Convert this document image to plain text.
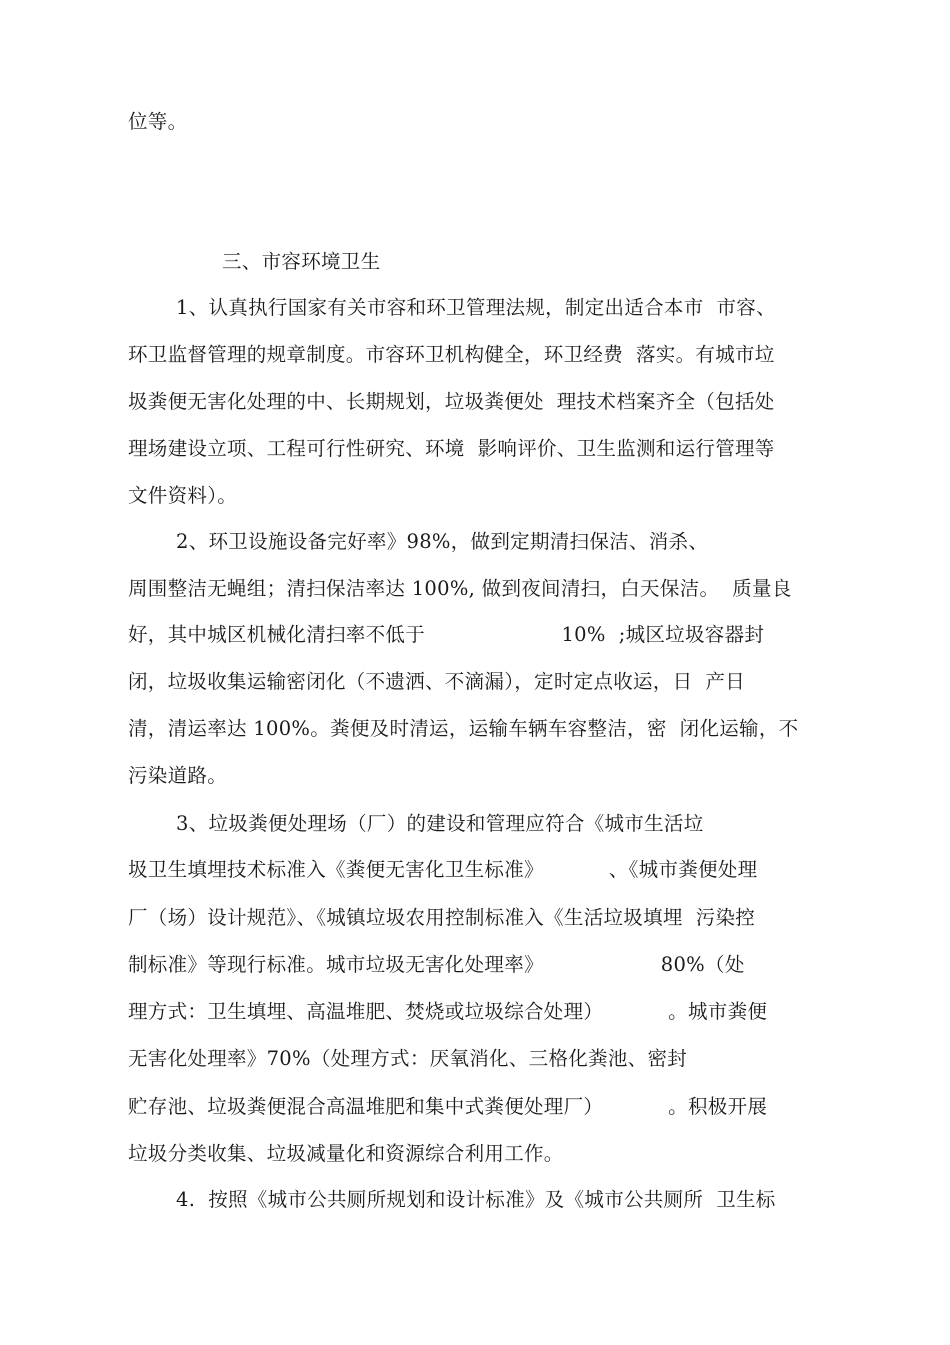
位等。
三、市容环境卫生
1、认真执行国家有关市容和环卫管理法规，制定出适合本市  市容、
环卫监督管理的规章制度。市容环卫机构健全，环卫经费  落实。有城市垃
圾粪便无害化处理的中、长期规划，垃圾粪便处  理技术档案齐全（包括处
理场建设立项、工程可行性研究、环境  影响评价、卫生监测和运行管理等
文件资料）。
2、环卫设施设备完好率》98%，做到定期清扫保洁、消杀、
周围整洁无蝇组；清扫保洁率达 100%, 做到夜间清扫，白天保洁。  质量良
好，其中城区机械化清扫率不低于                     10%  ;城区垃圾容器封
闭，垃圾收集运输密闭化（不遗洒、不滴漏），定时定点收运，日  产日
清，清运率达 100%。粪便及时清运，运输车辆车容整洁，密  闭化运输，不
污染道路。
3、垃圾粪便处理场（厂）的建设和管理应符合《城市生活垃
圾卫生填埋技术标准入《粪便无害化卫生标准》          、《城市粪便处理
厂（场）设计规范》、《城镇垃圾农用控制标准入《生活垃圾填埋  污染控
制标准》等现行标准。城市垃圾无害化处理率》                  80%（处
理方式：卫生填埋、高温堆肥、焚烧或垃圾综合处理）          。城市粪便
无害化处理率》70%（处理方式：厌氧消化、三格化粪池、密封
贮存池、垃圾粪便混合高温堆肥和集中式粪便处理厂）          。积极开展
垃圾分类收集、垃圾减量化和资源综合利用工作。
4.  按照《城市公共厕所规划和设计标准》及《城市公共厕所  卫生标
